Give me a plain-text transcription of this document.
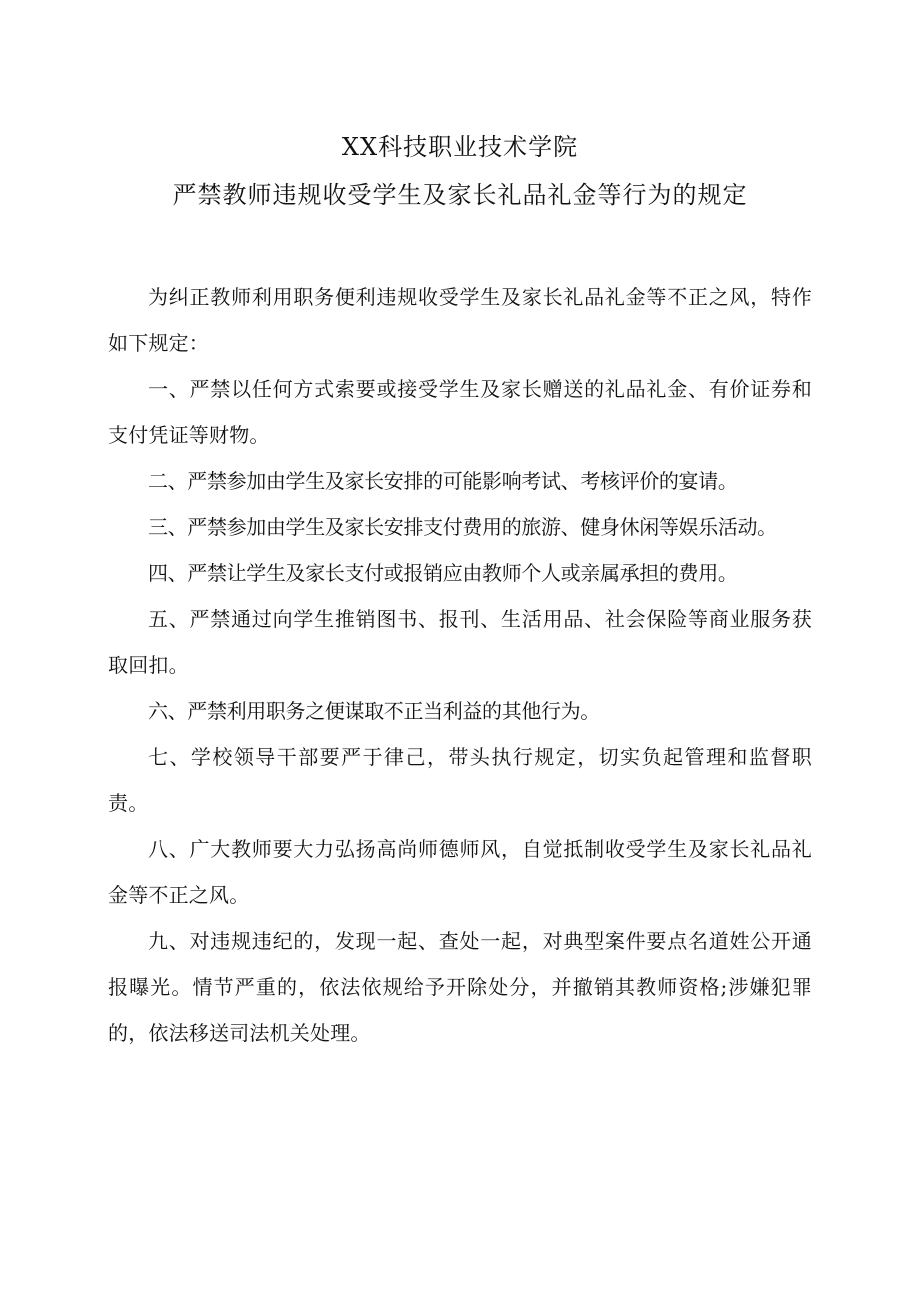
XX科技职业技术学院
严禁教师违规收受学生及家长礼品礼金等行为的规定

为纠正教师利用职务便利违规收受学生及家长礼品礼金等不正之风，特作如下规定：

一、严禁以任何方式索要或接受学生及家长赠送的礼品礼金、有价证券和支付凭证等财物。

二、严禁参加由学生及家长安排的可能影响考试、考核评价的宴请。

三、严禁参加由学生及家长安排支付费用的旅游、健身休闲等娱乐活动。

四、严禁让学生及家长支付或报销应由教师个人或亲属承担的费用。

五、严禁通过向学生推销图书、报刊、生活用品、社会保险等商业服务获取回扣。

六、严禁利用职务之便谋取不正当利益的其他行为。

七、学校领导干部要严于律己，带头执行规定，切实负起管理和监督职责。

八、广大教师要大力弘扬高尚师德师风，自觉抵制收受学生及家长礼品礼金等不正之风。

九、对违规违纪的，发现一起、查处一起，对典型案件要点名道姓公开通报曝光。情节严重的，依法依规给予开除处分，并撤销其教师资格;涉嫌犯罪的，依法移送司法机关处理。
